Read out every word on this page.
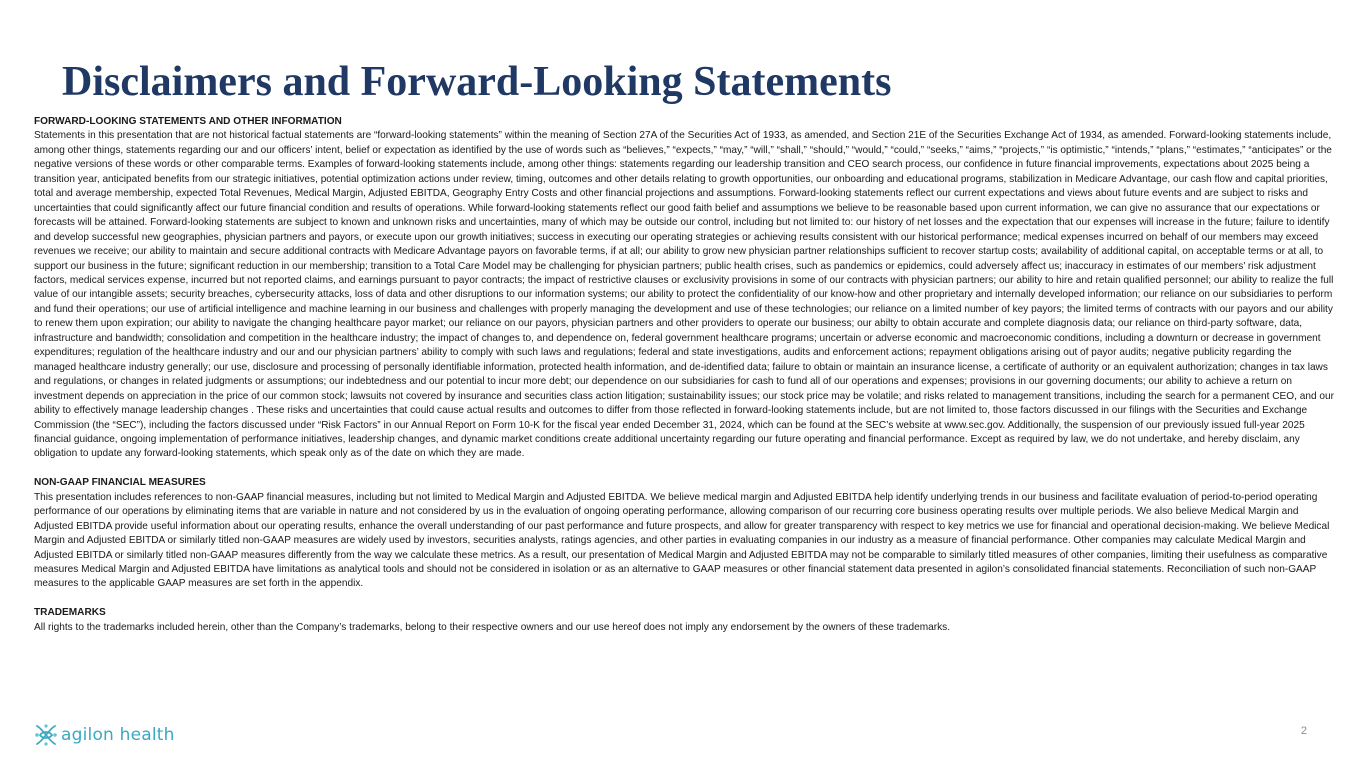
Disclaimers and Forward-Looking Statements
FORWARD-LOOKING STATEMENTS AND OTHER INFORMATION

Statements in this presentation that are not historical factual statements are “forward-looking statements” within the meaning of Section 27A of the Securities Act of 1933, as amended, and Section 21E of the Securities Exchange Act of 1934, as amended. Forward-looking statements include, among other things, statements regarding our and our officers’ intent, belief or expectation as identified by the use of words such as “believes,” “expects,” “may,” “will,” “shall,” “should,” “would,” “could,” “seeks,” “aims,” “projects,” “is optimistic,” “intends,” “plans,” “estimates,” “anticipates” or the negative versions of these words or other comparable terms. Examples of forward-looking statements include, among other things: statements regarding our leadership transition and CEO search process, our confidence in future financial improvements, expectations about 2025 being a transition year, anticipated benefits from our strategic initiatives, potential optimization actions under review, timing, outcomes and other details relating to growth opportunities, our onboarding and educational programs, stabilization in Medicare Advantage, our cash flow and capital priorities, total and average membership, expected Total Revenues, Medical Margin, Adjusted EBITDA, Geography Entry Costs and other financial projections and assumptions. Forward-looking statements reflect our current expectations and views about future events and are subject to risks and uncertainties that could significantly affect our future financial condition and results of operations. While forward-looking statements reflect our good faith belief and assumptions we believe to be reasonable based upon current information, we can give no assurance that our expectations or forecasts will be attained. Forward-looking statements are subject to known and unknown risks and uncertainties, many of which may be outside our control, including but not limited to: our history of net losses and the expectation that our expenses will increase in the future; failure to identify and develop successful new geographies, physician partners and payors, or execute upon our growth initiatives; success in executing our operating strategies or achieving results consistent with our historical performance; medical expenses incurred on behalf of our members may exceed revenues we receive; our ability to maintain and secure additional contracts with Medicare Advantage payors on favorable terms, if at all; our ability to grow new physician partner relationships sufficient to recover startup costs; availability of additional capital, on acceptable terms or at all, to support our business in the future; significant reduction in our membership; transition to a Total Care Model may be challenging for physician partners; public health crises, such as pandemics or epidemics, could adversely affect us; inaccuracy in estimates of our members’ risk adjustment factors, medical services expense, incurred but not reported claims, and earnings pursuant to payor contracts; the impact of restrictive clauses or exclusivity provisions in some of our contracts with physician partners; our ability to hire and retain qualified personnel; our ability to realize the full value of our intangible assets; security breaches, cybersecurity attacks, loss of data and other disruptions to our information systems; our ability to protect the confidentiality of our know-how and other proprietary and internally developed information; our reliance on our subsidiaries to perform and fund their operations; our use of artificial intelligence and machine learning in our business and challenges with properly managing the development and use of these technologies; our reliance on a limited number of key payors; the limited terms of contracts with our payors and our ability to renew them upon expiration; our ability to navigate the changing healthcare payor market; our reliance on our payors, physician partners and other providers to operate our business; our abilty to obtain accurate and complete diagnosis data; our reliance on third-party software, data, infrastructure and bandwidth; consolidation and competition in the healthcare industry; the impact of changes to, and dependence on, federal government healthcare programs; uncertain or adverse economic and macroeconomic conditions, including a downturn or decrease in government expenditures; regulation of the healthcare industry and our and our physician partners’ ability to comply with such laws and regulations; federal and state investigations, audits and enforcement actions; repayment obligations arising out of payor audits; negative publicity regarding the managed healthcare industry generally; our use, disclosure and processing of personally identifiable information, protected health information, and de-identified data; failure to obtain or maintain an insurance license, a certificate of authority or an equivalent authorization; changes in tax laws and regulations, or changes in related judgments or assumptions; our indebtedness and our potential to incur more debt; our dependence on our subsidiaries for cash to fund all of our operations and expenses; provisions in our governing documents; our ability to achieve a return on investment depends on appreciation in the price of our common stock; lawsuits not covered by insurance and securities class action litigation; sustainability issues; our stock price may be volatile; and risks related to management transitions, including the search for a permanent CEO, and our ability to effectively manage leadership changes . These risks and uncertainties that could cause actual results and outcomes to differ from those reflected in forward-looking statements include, but are not limited to, those factors discussed in our filings with the Securities and Exchange Commission (the “SEC”), including the factors discussed under “Risk Factors” in our Annual Report on Form 10-K for the fiscal year ended December 31, 2024, which can be found at the SEC’s website at www.sec.gov. Additionally, the suspension of our previously issued full-year 2025 financial guidance, ongoing implementation of performance initiatives, leadership changes, and dynamic market conditions create additional uncertainty regarding our future operating and financial performance. Except as required by law, we do not undertake, and hereby disclaim, any obligation to update any forward-looking statements, which speak only as of the date on which they are made.

NON-GAAP FINANCIAL MEASURES

This presentation includes references to non-GAAP financial measures, including but not limited to Medical Margin and Adjusted EBITDA. We believe medical margin and Adjusted EBITDA help identify underlying trends in our business and facilitate evaluation of period-to-period operating performance of our operations by eliminating items that are variable in nature and not considered by us in the evaluation of ongoing operating performance, allowing comparison of our recurring core business operating results over multiple periods. We also believe Medical Margin and Adjusted EBITDA provide useful information about our operating results, enhance the overall understanding of our past performance and future prospects, and allow for greater transparency with respect to key metrics we use for financial and operational decision-making. We believe Medical Margin and Adjusted EBITDA or similarly titled non-GAAP measures are widely used by investors, securities analysts, ratings agencies, and other parties in evaluating companies in our industry as a measure of financial performance. Other companies may calculate Medical Margin and Adjusted EBITDA or similarly titled non-GAAP measures differently from the way we calculate these metrics. As a result, our presentation of Medical Margin and Adjusted EBITDA may not be comparable to similarly titled measures of other companies, limiting their usefulness as comparative measures Medical Margin and Adjusted EBITDA have limitations as analytical tools and should not be considered in isolation or as an alternative to GAAP measures or other financial statement data presented in agilon’s consolidated financial statements. Reconciliation of such non-GAAP measures to the applicable GAAP measures are set forth in the appendix.

TRADEMARKS

All rights to the trademarks included herein, other than the Company’s trademarks, belong to their respective owners and our use hereof does not imply any endorsement by the owners of these trademarks.

agilon health	2
